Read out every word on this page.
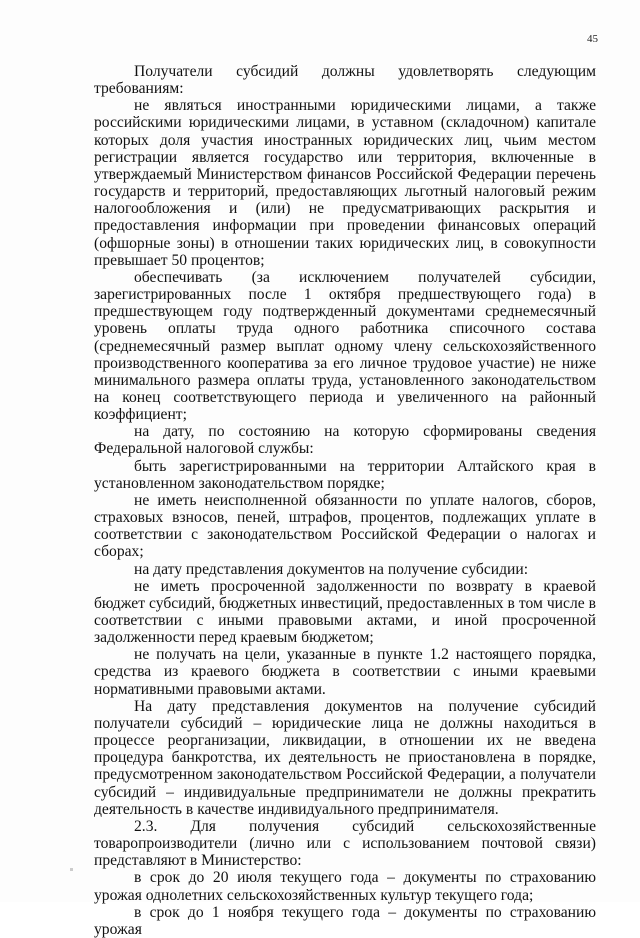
45

Получатели субсидий должны удовлетворять следующим требованиям:

не являться иностранными юридическими лицами, а также российскими юридическими лицами, в уставном (складочном) капитале которых доля участия иностранных юридических лиц, чьим местом регистрации является государство или территория, включенные в утверждаемый Министерством финансов Российской Федерации перечень государств и территорий, предоставляющих льготный налоговый режим налогообложения и (или) не предусматривающих раскрытия и предоставления информации при проведении финансовых операций (офшорные зоны) в отношении таких юридических лиц, в совокупности превышает 50 процентов;

обеспечивать (за исключением получателей субсидии, зарегистрированных после 1 октября предшествующего года) в предшествующем году подтвержденный документами среднемесячный уровень оплаты труда одного работника списочного состава (среднемесячный размер выплат одному члену сельскохозяйственного производственного кооператива за его личное трудовое участие) не ниже минимального размера оплаты труда, установленного законодательством на конец соответствующего периода и увеличенного на районный коэффициент;

на дату, по состоянию на которую сформированы сведения Федеральной налоговой службы:

быть зарегистрированными на территории Алтайского края в установленном законодательством порядке;

не иметь неисполненной обязанности по уплате налогов, сборов, страховых взносов, пеней, штрафов, процентов, подлежащих уплате в соответствии с законодательством Российской Федерации о налогах и сборах;

на дату представления документов на получение субсидии:

не иметь просроченной задолженности по возврату в краевой бюджет субсидий, бюджетных инвестиций, предоставленных в том числе в соответствии с иными правовыми актами, и иной просроченной задолженности перед краевым бюджетом;

не получать на цели, указанные в пункте 1.2 настоящего порядка, средства из краевого бюджета в соответствии с иными краевыми нормативными правовыми актами.

На дату представления документов на получение субсидий получатели субсидий – юридические лица не должны находиться в процессе реорганизации, ликвидации, в отношении их не введена процедура банкротства, их деятельность не приостановлена в порядке, предусмотренном законодательством Российской Федерации, а получатели субсидий – индивидуальные предприниматели не должны прекратить деятельность в качестве индивидуального предпринимателя.

2.3. Для получения субсидий сельскохозяйственные товаропроизводители (лично или с использованием почтовой связи) представляют в Министерство:

в срок до 20 июля текущего года – документы по страхованию урожая однолетних сельскохозяйственных культур текущего года;

в срок до 1 ноября текущего года – документы по страхованию урожая
